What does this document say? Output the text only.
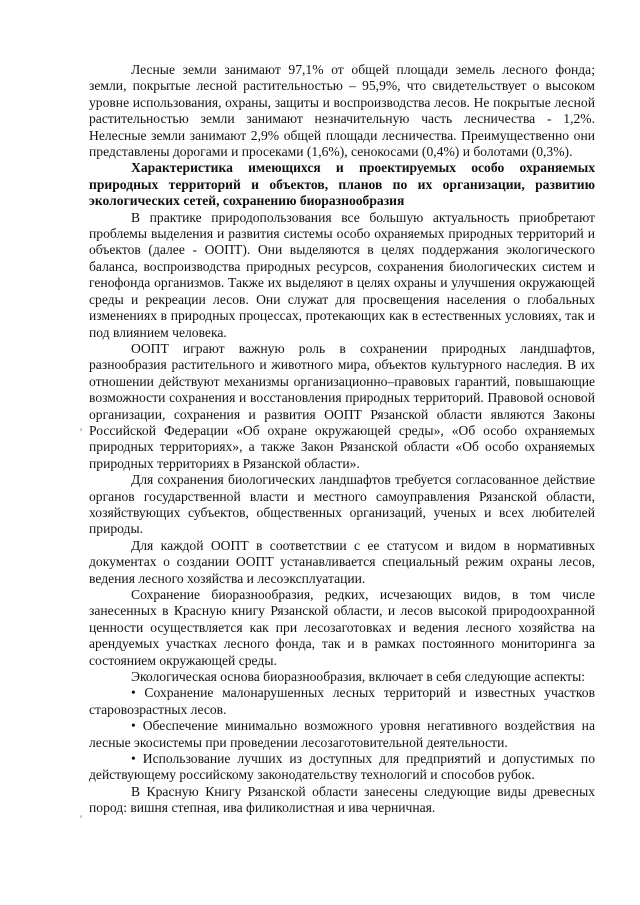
Лесные земли занимают 97,1% от общей площади земель лесного фонда; земли, покрытые лесной растительностью – 95,9%, что свидетельствует о высоком уровне использования, охраны, защиты и воспроизводства лесов. Не покрытые лесной растительностью земли занимают незначительную часть лесничества - 1,2%. Нелесные земли занимают 2,9% общей площади лесничества. Преимущественно они представлены дорогами и просеками (1,6%), сенокосами (0,4%) и болотами (0,3%).

Характеристика имеющихся и проектируемых особо охраняемых природных территорий и объектов, планов по их организации, развитию экологических сетей, сохранению биоразнообразия

В практике природопользования все большую актуальность приобретают проблемы выделения и развития системы особо охраняемых природных территорий и объектов (далее - ООПТ). Они выделяются в целях поддержания экологического баланса, воспроизводства природных ресурсов, сохранения биологических систем и генофонда организмов. Также их выделяют в целях охраны и улучшения окружающей среды и рекреации лесов. Они служат для просвещения населения о глобальных изменениях в природных процессах, протекающих как в естественных условиях, так и под влиянием человека.

ООПТ играют важную роль в сохранении природных ландшафтов, разнообразия растительного и животного мира, объектов культурного наследия. В их отношении действуют механизмы организационно–правовых гарантий, повышающие возможности сохранения и восстановления природных территорий. Правовой основой организации, сохранения и развития ООПТ Рязанской области являются Законы Российской Федерации «Об охране окружающей среды», «Об особо охраняемых природных территориях», а также Закон Рязанской области «Об особо охраняемых природных территориях в Рязанской области».

Для сохранения биологических ландшафтов требуется согласованное действие органов государственной власти и местного самоуправления Рязанской области, хозяйствующих субъектов, общественных организаций, ученых и всех любителей природы.

Для каждой ООПТ в соответствии с ее статусом и видом в нормативных документах о создании ООПТ устанавливается специальный режим охраны лесов, ведения лесного хозяйства и лесоэксплуатации.

Сохранение биоразнообразия, редких, исчезающих видов, в том числе занесенных в Красную книгу Рязанской области, и лесов высокой природоохранной ценности осуществляется как при лесозаготовках и ведения лесного хозяйства на арендуемых участках лесного фонда, так и в рамках постоянного мониторинга за состоянием окружающей среды.

Экологическая основа биоразнообразия, включает в себя следующие аспекты:

• Сохранение малонарушенных лесных территорий и известных участков старовозрастных лесов.

• Обеспечение минимально возможного уровня негативного воздействия на лесные экосистемы при проведении лесозаготовительной деятельности.

• Использование лучших из доступных для предприятий и допустимых по действующему российскому законодательству технологий и способов рубок.

В Красную Книгу Рязанской области занесены следующие виды древесных пород: вишня степная, ива филиколистная и ива черничная.

'
'
